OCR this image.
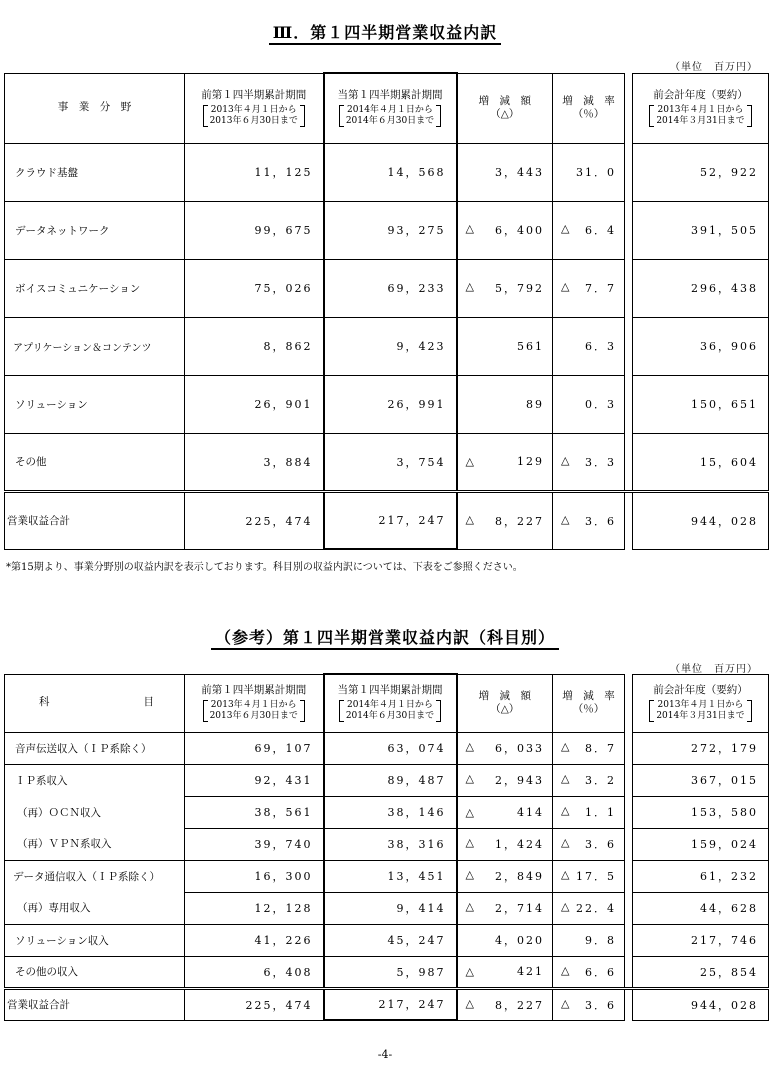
Ⅲ．第１四半期営業収益内訳
（単位　百万円）
事　業　分　野	前第１四半期累計期間
2013年４月１日から
2013年６月30日まで	当第１四半期累計期間
2014年４月１日から
2014年６月30日まで	増　減　額
（△）	増　減　率
（％）		前会計年度（要約）
2013年４月１日から
2014年３月31日まで
クラウド基盤	11，125	14，568	3，443	31．0		52，922
データネットワーク	99，675	93，275	△ 6，400	△ 6．4		391，505
ボイスコミュニケーション	75，026	69，233	△ 5，792	△ 7．7		296，438
アプリケーション＆コンテンツ	8，862	9，423	561	6．3		36，906
ソリューション	26，901	26，991	89	0．3		150，651
その他	3，884	3，754	△ 129	△ 3．3		15，604
営業収益合計	225，474	217，247	△ 8，227	△ 3．6		944，028
*第15期より、事業分野別の収益内訳を表示しております。科目別の収益内訳については、下表をご参照ください。
（参考）第１四半期営業収益内訳（科目別）
（単位　百万円）
科 目	前第１四半期累計期間
2013年４月１日から
2013年６月30日まで	当第１四半期累計期間
2014年４月１日から
2014年６月30日まで	増　減　額
（△）	増　減　率
（％）		前会計年度（要約）
2013年４月１日から
2014年３月31日まで
音声伝送収入（ＩＰ系除く）	69，107	63，074	△ 6，033	△ 8．7		272，179
ＩＰ系収入	92，431	89，487	△ 2，943	△ 3．2		367，015
（再）ＯＣＮ収入	38，561	38，146	△ 414	△ 1．1		153，580
（再）ＶＰＮ系収入	39，740	38，316	△ 1，424	△ 3．6		159，024
データ通信収入（ＩＰ系除く）	16，300	13，451	△ 2，849	△ 17．5		61，232
（再）専用収入	12，128	9，414	△ 2，714	△ 22．4		44，628
ソリューション収入	41，226	45，247	4，020	9．8		217，746
その他の収入	6，408	5，987	△ 421	△ 6．6		25，854
営業収益合計	225，474	217，247	△ 8，227	△ 3．6		944，028
-4-
